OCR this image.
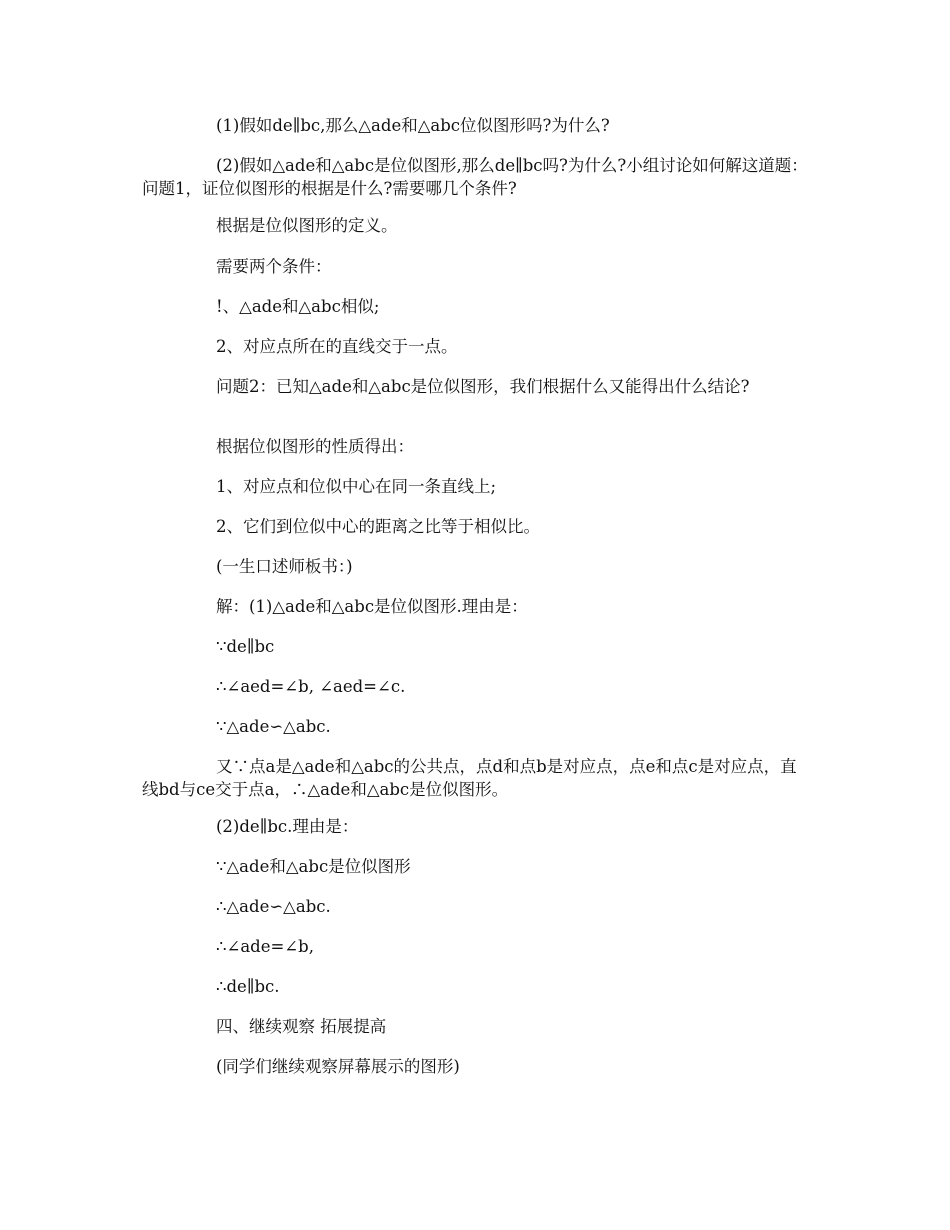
(1)假如de∥bc,那么△ade和△abc位似图形吗?为什么?

(2)假如△ade和△abc是位似图形,那么de∥bc吗?为什么?小组讨论如何解这道题：问题1，证位似图形的根据是什么?需要哪几个条件?

根据是位似图形的定义。

需要两个条件：

!、△ade和△abc相似;

2、对应点所在的直线交于一点。

问题2：已知△ade和△abc是位似图形，我们根据什么又能得出什么结论?

根据位似图形的性质得出：

1、对应点和位似中心在同一条直线上;

2、它们到位似中心的距离之比等于相似比。

(一生口述师板书：)

解：(1)△ade和△abc是位似图形.理由是：

∵de∥bc

∴∠aed=∠b, ∠aed=∠c.

∵△ade∽△abc.

又∵点a是△ade和△abc的公共点，点d和点b是对应点，点e和点c是对应点，直线bd与ce交于点a，∴△ade和△abc是位似图形。

(2)de∥bc.理由是：

∵△ade和△abc是位似图形

∴△ade∽△abc.

∴∠ade=∠b,

∴de∥bc.

四、继续观察 拓展提高

(同学们继续观察屏幕展示的图形)
